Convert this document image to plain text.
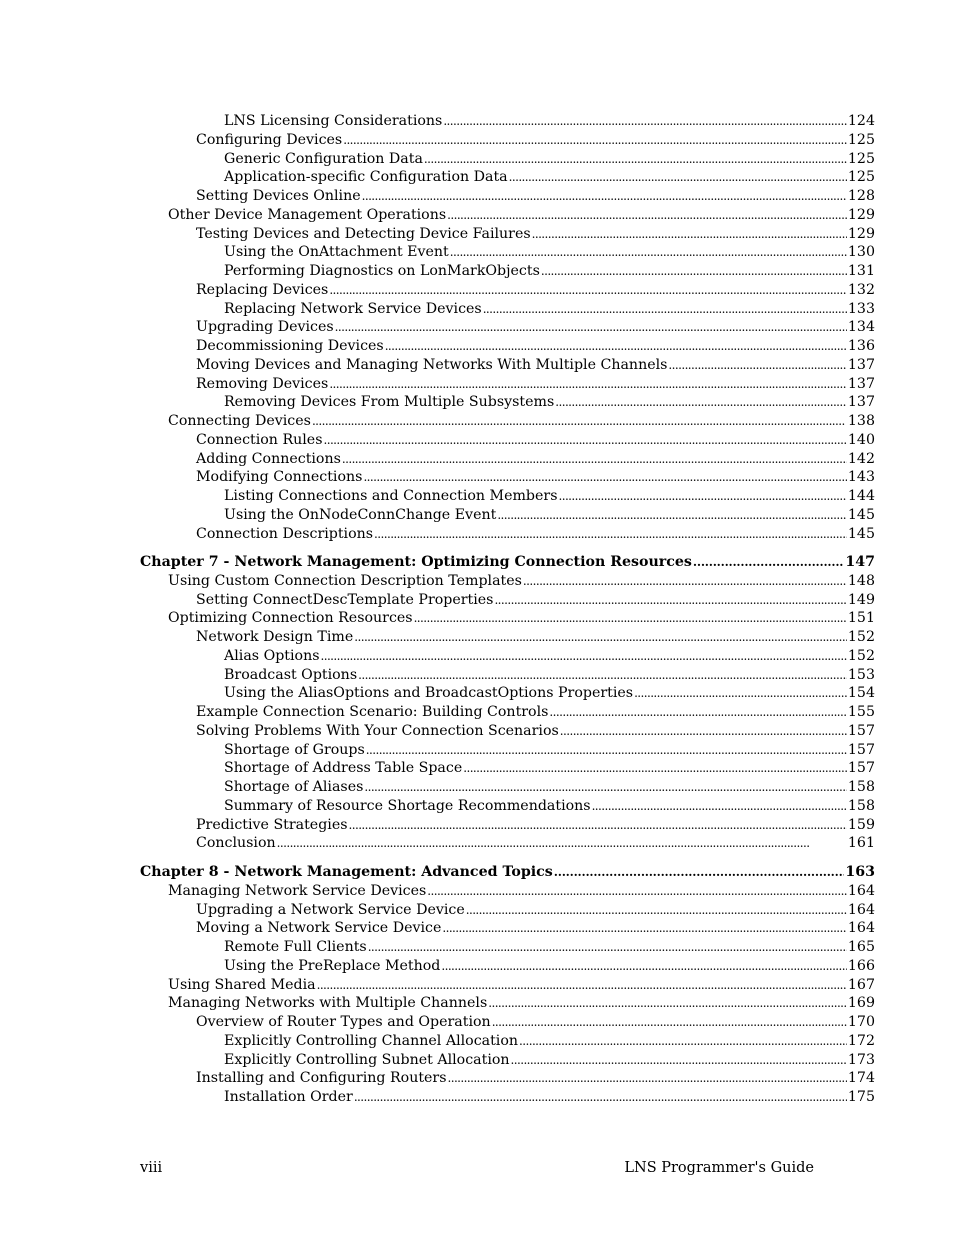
LNS Licensing Considerations . . .	124
Configuring Devices . . .	125
Generic Configuration Data . . .	125
Application-specific Configuration Data . . .	125
Setting Devices Online . . .	128
Other Device Management Operations . . .	129
Testing Devices and Detecting Device Failures . . .	129
Using the OnAttachment Event . . .	130
Performing Diagnostics on LonMarkObjects . . .	131
Replacing Devices . . .	132
Replacing Network Service Devices . . .	133
Upgrading Devices . . .	134
Decommissioning Devices . . .	136
Moving Devices and Managing Networks With Multiple Channels . . .	137
Removing Devices . . .	137
Removing Devices From Multiple Subsystems . . .	137
Connecting Devices . . .	138
Connection Rules . . .	140
Adding Connections . . .	142
Modifying Connections . . .	143
Listing Connections and Connection Members . . .	144
Using the OnNodeConnChange Event . . .	145
Connection Descriptions . . .	145
Chapter 7 - Network Management: Optimizing Connection Resources . . .	147
Using Custom Connection Description Templates . . .	148
Setting ConnectDescTemplate Properties . . .	149
Optimizing Connection Resources . . .	151
Network Design Time . . .	152
Alias Options . . .	152
Broadcast Options . . .	153
Using the AliasOptions and BroadcastOptions Properties . . .	154
Example Connection Scenario: Building Controls . . .	155
Solving Problems With Your Connection Scenarios . . .	157
Shortage of Groups . . .	157
Shortage of Address Table Space . . .	157
Shortage of Aliases . . .	158
Summary of Resource Shortage Recommendations . . .	158
Predictive Strategies . . .	159
Conclusion . . .	161
Chapter 8 - Network Management: Advanced Topics . . .	163
Managing Network Service Devices . . .	164
Upgrading a Network Service Device . . .	164
Moving a Network Service Device . . .	164
Remote Full Clients . . .	165
Using the PreReplace Method . . .	166
Using Shared Media . . .	167
Managing Networks with Multiple Channels . . .	169
Overview of Router Types and Operation . . .	170
Explicitly Controlling Channel Allocation . . .	172
Explicitly Controlling Subnet Allocation . . .	173
Installing and Configuring Routers . . .	174
Installation Order . . .	175
viii	LNS Programmer's Guide
